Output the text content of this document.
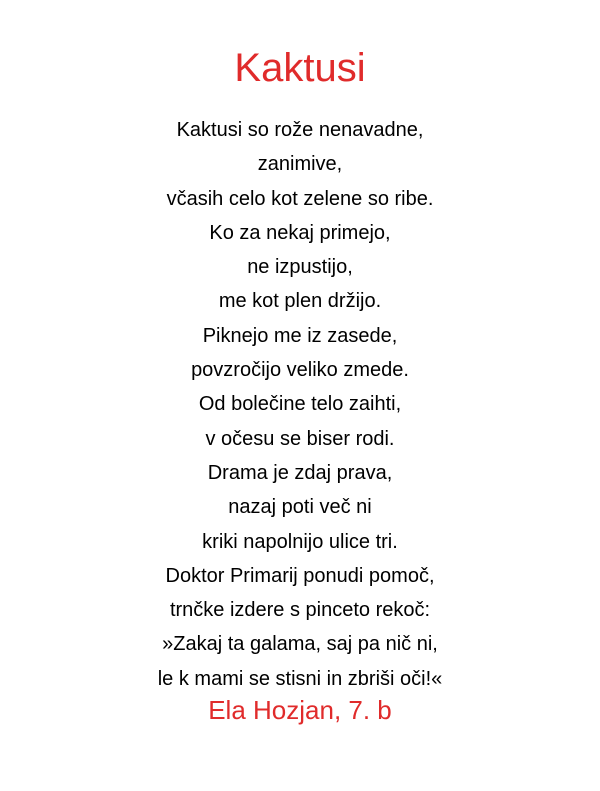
Kaktusi
Kaktusi so rože nenavadne,
zanimive,
včasih celo kot zelene so ribe.
Ko za nekaj primejo,
ne izpustijo,
me kot plen držijo.
Piknejo me iz zasede,
povzročijo veliko zmede.
Od bolečine telo zaihti,
v očesu se biser rodi.
Drama je zdaj prava,
nazaj poti več ni
kriki napolnijo ulice tri.
Doktor Primarij ponudi pomoč,
trnčke izdere s pinceto rekoč:
»Zakaj ta galama, saj pa nič ni,
le k mami se stisni in zbriši oči!«

Ela Hozjan, 7. b
